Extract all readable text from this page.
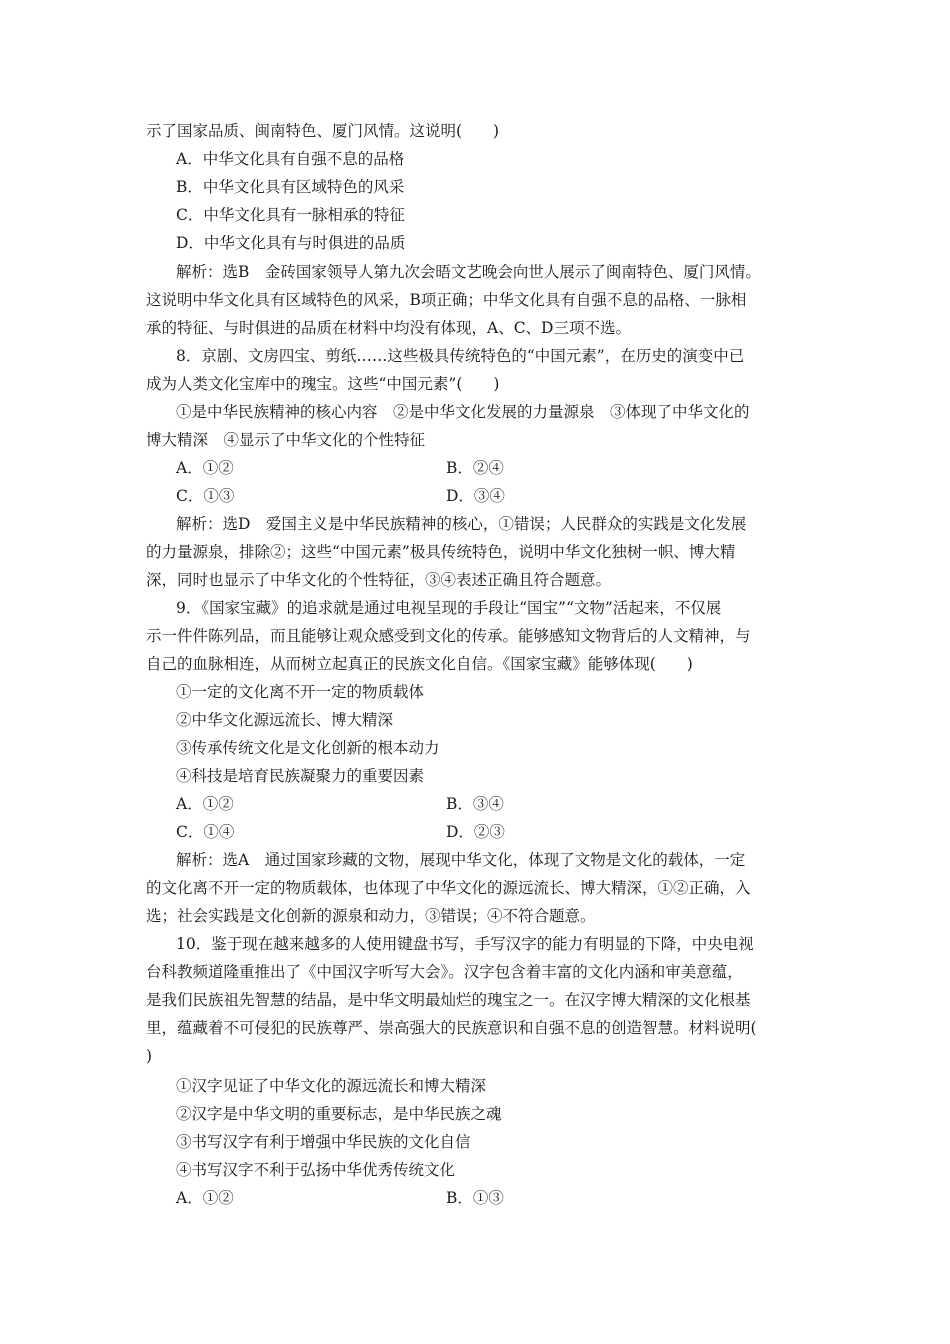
示了国家品质、闽南特色、厦门风情。这说明(　　)
A．中华文化具有自强不息的品格
B．中华文化具有区域特色的风采
C．中华文化具有一脉相承的特征
D．中华文化具有与时俱进的品质
解析：选B　金砖国家领导人第九次会晤文艺晚会向世人展示了闽南特色、厦门风情。
这说明中华文化具有区域特色的风采，B项正确；中华文化具有自强不息的品格、一脉相
承的特征、与时俱进的品质在材料中均没有体现，A、C、D三项不选。
8．京剧、文房四宝、剪纸……这些极具传统特色的“中国元素”，在历史的演变中已
成为人类文化宝库中的瑰宝。这些“中国元素”(　　)
①是中华民族精神的核心内容　②是中华文化发展的力量源泉　③体现了中华文化的
博大精深　④显示了中华文化的个性特征
A．①②	B．②④
C．①③	D．③④
解析：选D　爱国主义是中华民族精神的核心，①错误；人民群众的实践是文化发展
的力量源泉，排除②；这些“中国元素”极具传统特色，说明中华文化独树一帜、博大精
深，同时也显示了中华文化的个性特征，③④表述正确且符合题意。
9．《国家宝藏》的追求就是通过电视呈现的手段让“国宝”“文物”活起来，不仅展
示一件件陈列品，而且能够让观众感受到文化的传承。能够感知文物背后的人文精神，与
自己的血脉相连，从而树立起真正的民族文化自信。《国家宝藏》能够体现(　　)
①一定的文化离不开一定的物质载体
②中华文化源远流长、博大精深
③传承传统文化是文化创新的根本动力
④科技是培育民族凝聚力的重要因素
A．①②	B．③④
C．①④	D．②③
解析：选A　通过国家珍藏的文物，展现中华文化，体现了文物是文化的载体，一定
的文化离不开一定的物质载体，也体现了中华文化的源远流长、博大精深，①②正确，入
选；社会实践是文化创新的源泉和动力，③错误；④不符合题意。
10．鉴于现在越来越多的人使用键盘书写，手写汉字的能力有明显的下降，中央电视
台科教频道隆重推出了《中国汉字听写大会》。汉字包含着丰富的文化内涵和审美意蕴，
是我们民族祖先智慧的结晶，是中华文明最灿烂的瑰宝之一。在汉字博大精深的文化根基
里，蕴藏着不可侵犯的民族尊严、崇高强大的民族意识和自强不息的创造智慧。材料说明(
)
①汉字见证了中华文化的源远流长和博大精深
②汉字是中华文明的重要标志，是中华民族之魂
③书写汉字有利于增强中华民族的文化自信
④书写汉字不利于弘扬中华优秀传统文化
A．①②	B．①③
